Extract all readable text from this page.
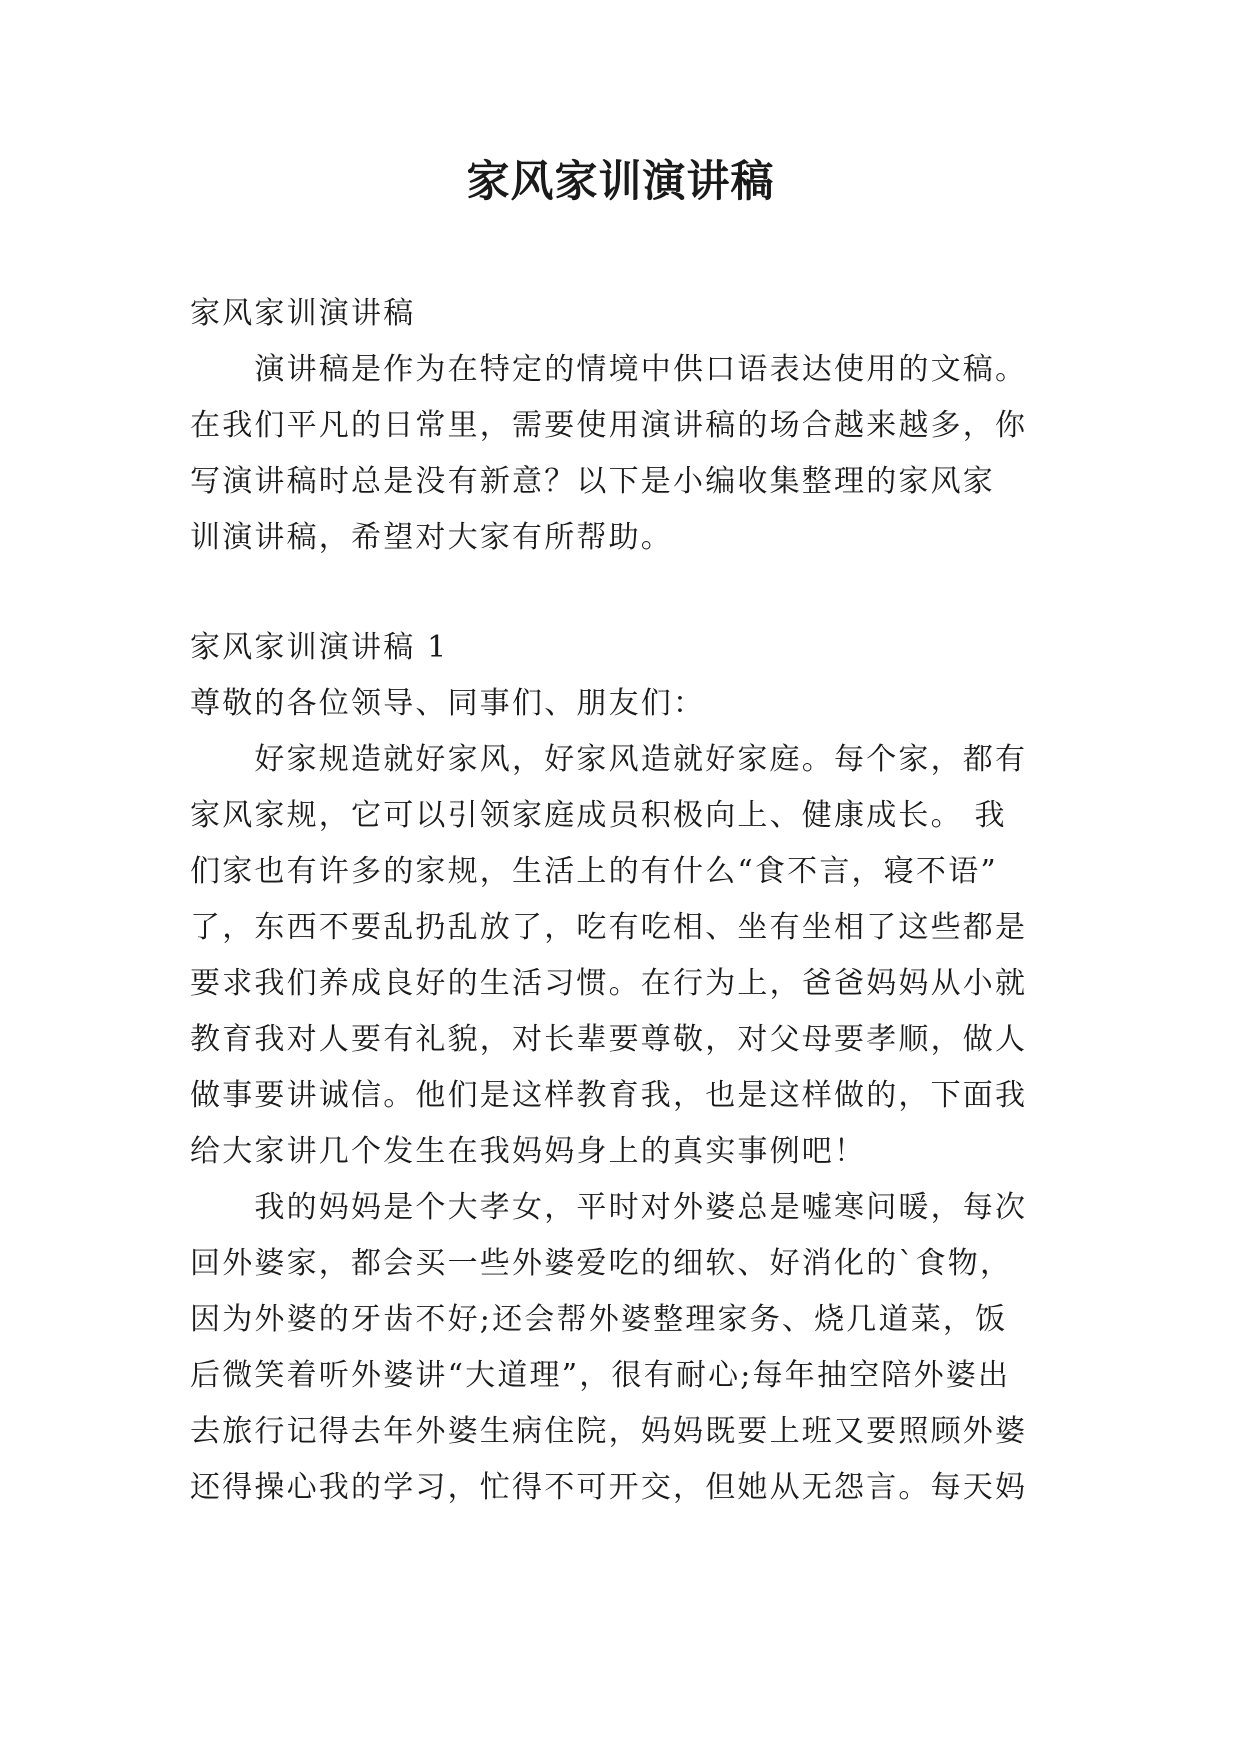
家风家训演讲稿
家风家训演讲稿
　　演讲稿是作为在特定的情境中供口语表达使用的文稿。
在我们平凡的日常里，需要使用演讲稿的场合越来越多，你
写演讲稿时总是没有新意？以下是小编收集整理的家风家
训演讲稿，希望对大家有所帮助。
家风家训演讲稿 1
尊敬的各位领导、同事们、朋友们：
　　好家规造就好家风，好家风造就好家庭。每个家，都有
家风家规，它可以引领家庭成员积极向上、健康成长。 我
们家也有许多的家规，生活上的有什么“食不言，寝不语”
了，东西不要乱扔乱放了，吃有吃相、坐有坐相了这些都是
要求我们养成良好的生活习惯。在行为上，爸爸妈妈从小就
教育我对人要有礼貌，对长辈要尊敬，对父母要孝顺，做人
做事要讲诚信。他们是这样教育我，也是这样做的，下面我
给大家讲几个发生在我妈妈身上的真实事例吧！
　　我的妈妈是个大孝女，平时对外婆总是嘘寒问暖，每次
回外婆家，都会买一些外婆爱吃的细软、好消化的`食物，
因为外婆的牙齿不好;还会帮外婆整理家务、烧几道菜，饭
后微笑着听外婆讲“大道理”，很有耐心;每年抽空陪外婆出
去旅行记得去年外婆生病住院，妈妈既要上班又要照顾外婆
还得操心我的学习，忙得不可开交，但她从无怨言。每天妈
